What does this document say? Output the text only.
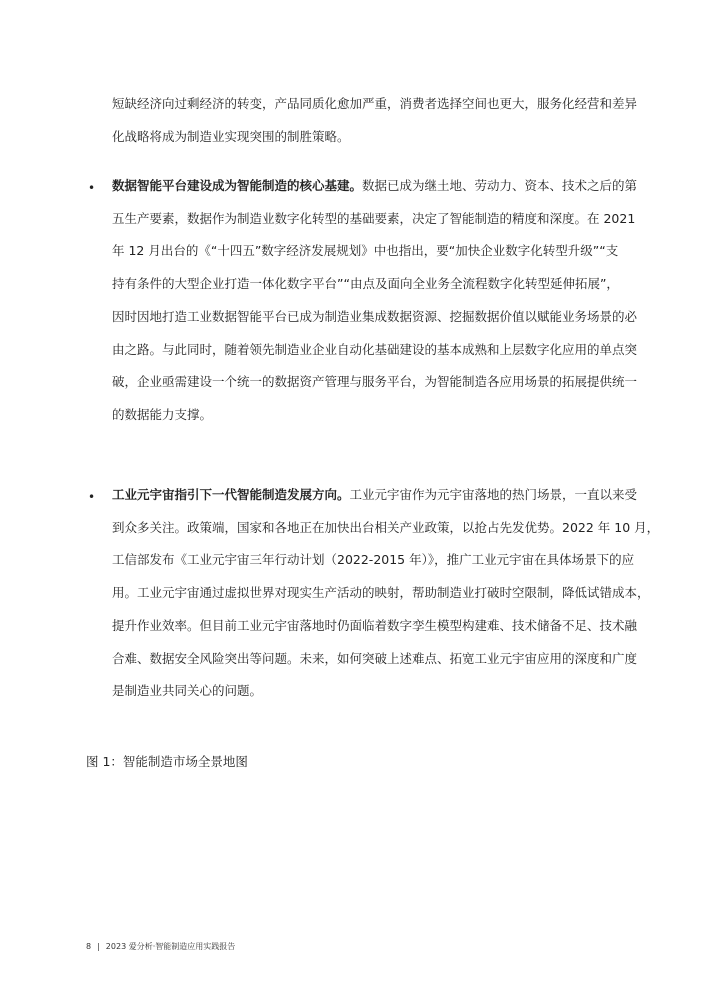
短缺经济向过剩经济的转变，产品同质化愈加严重，消费者选择空间也更大，服务化经营和差异
化战略将成为制造业实现突围的制胜策略。
• 数据智能平台建设成为智能制造的核心基建。数据已成为继土地、劳动力、资本、技术之后的第
五生产要素，数据作为制造业数字化转型的基础要素，决定了智能制造的精度和深度。在 2021
年 12 月出台的《“十四五”数字经济发展规划》中也指出，要“加快企业数字化转型升级”“支
持有条件的大型企业打造一体化数字平台”“由点及面向全业务全流程数字化转型延伸拓展”，
因时因地打造工业数据智能平台已成为制造业集成数据资源、挖掘数据价值以赋能业务场景的必
由之路。与此同时，随着领先制造业企业自动化基础建设的基本成熟和上层数字化应用的单点突
破，企业亟需建设一个统一的数据资产管理与服务平台，为智能制造各应用场景的拓展提供统一
的数据能力支撑。
• 工业元宇宙指引下一代智能制造发展方向。工业元宇宙作为元宇宙落地的热门场景，一直以来受
到众多关注。政策端，国家和各地正在加快出台相关产业政策，以抢占先发优势。2022 年 10 月，
工信部发布《工业元宇宙三年行动计划（2022-2015 年）》，推广工业元宇宙在具体场景下的应
用。工业元宇宙通过虚拟世界对现实生产活动的映射，帮助制造业打破时空限制，降低试错成本，
提升作业效率。但目前工业元宇宙落地时仍面临着数字孪生模型构建难、技术储备不足、技术融
合难、数据安全风险突出等问题。未来，如何突破上述难点、拓宽工业元宇宙应用的深度和广度
是制造业共同关心的问题。
图 1：智能制造市场全景地图
8 | 2023 爱分析·智能制造应用实践报告
